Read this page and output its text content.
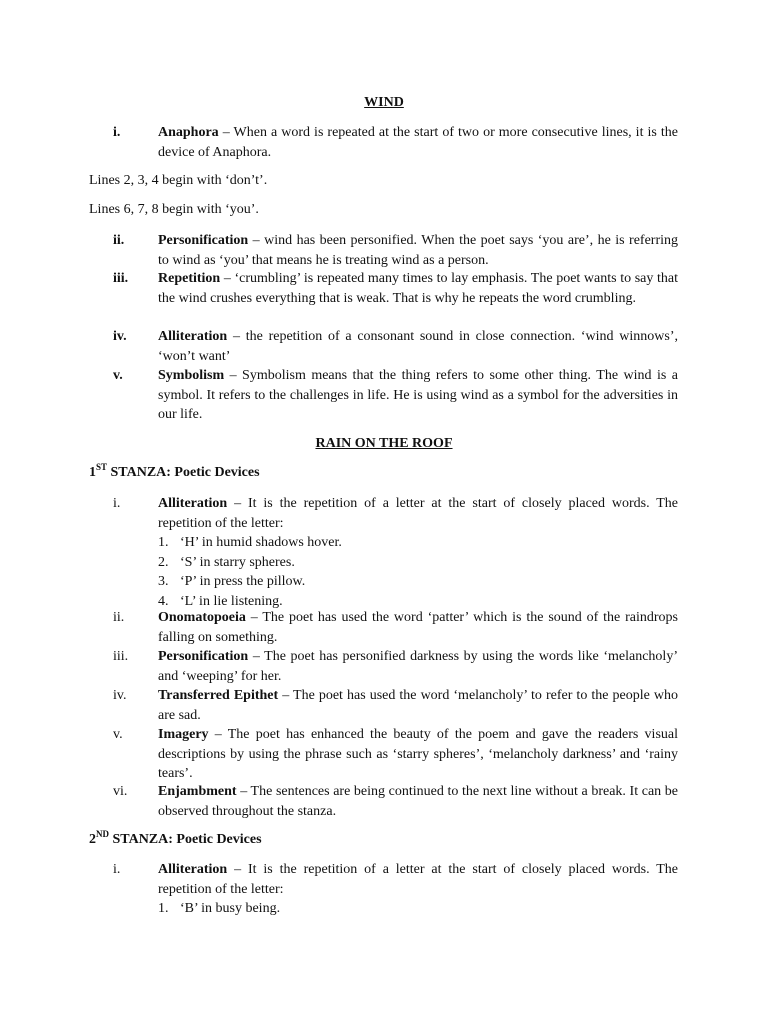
WIND
i.	Anaphora – When a word is repeated at the start of two or more consecutive lines, it is the device of Anaphora.
Lines 2, 3, 4 begin with ‘don’t’.
Lines 6, 7, 8 begin with ‘you’.
ii. Personification – wind has been personified. When the poet says ‘you are’, he is referring to wind as ‘you’ that means he is treating wind as a person.
iii. Repetition – ‘crumbling’ is repeated many times to lay emphasis. The poet wants to say that the wind crushes everything that is weak. That is why he repeats the word crumbling.
iv. Alliteration – the repetition of a consonant sound in close connection. ‘wind winnows’, ‘won’t want’
v.	Symbolism – Symbolism means that the thing refers to some other thing. The wind is a symbol. It refers to the challenges in life. He is using wind as a symbol for the adversities in our life.
RAIN ON THE ROOF
1ST STANZA: Poetic Devices
i.	Alliteration – It is the repetition of a letter at the start of closely placed words. The repetition of the letter:
1. ‘H’ in humid shadows hover.
2. ‘S’ in starry spheres.
3. ‘P’ in press the pillow.
4. ‘L’ in lie listening.
ii. Onomatopoeia – The poet has used the word ‘patter’ which is the sound of the raindrops falling on something.
iii. Personification – The poet has personified darkness by using the words like ‘melancholy’ and ‘weeping’ for her.
iv. Transferred Epithet – The poet has used the word ‘melancholy’ to refer to the people who are sad.
v.	Imagery – The poet has enhanced the beauty of the poem and gave the readers visual descriptions by using the phrase such as ‘starry spheres’, ‘melancholy darkness’ and ‘rainy tears’.
vi. Enjambment – The sentences are being continued to the next line without a break. It can be observed throughout the stanza.
2ND STANZA: Poetic Devices
i.	Alliteration – It is the repetition of a letter at the start of closely placed words. The repetition of the letter:
1. ‘B’ in busy being.
